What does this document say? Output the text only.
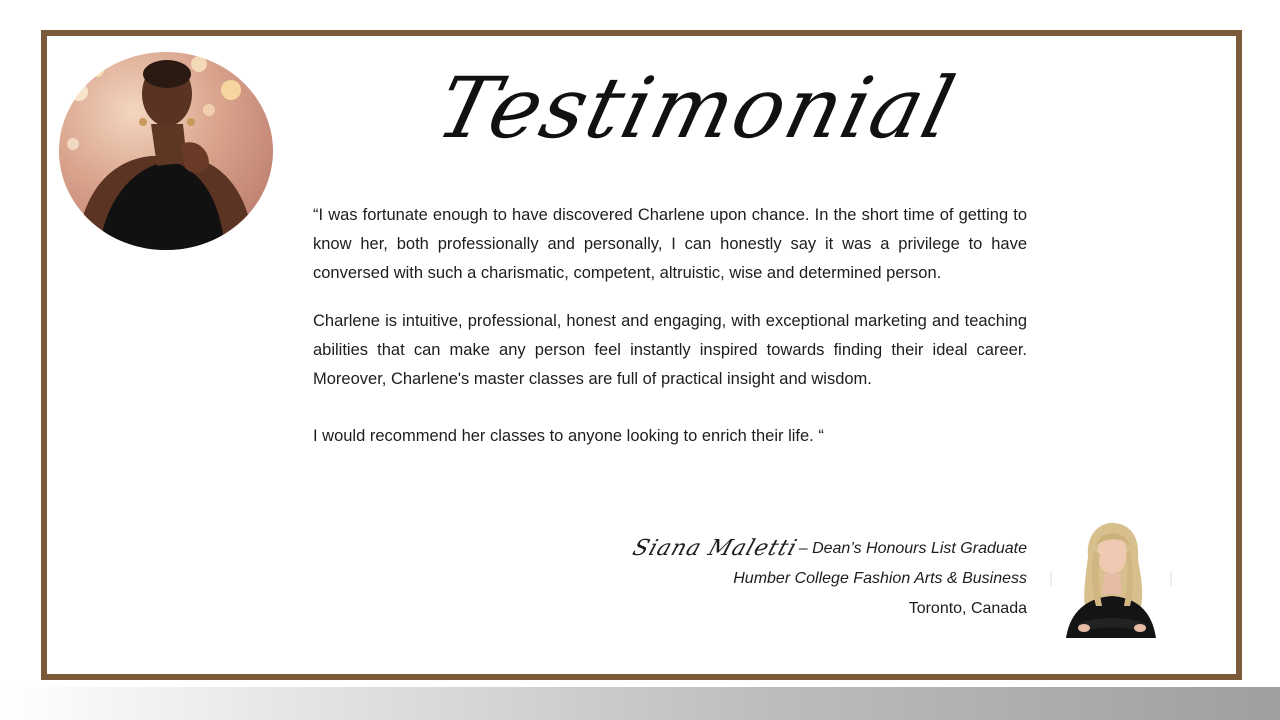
Testimonial

“I was fortunate enough to have discovered Charlene upon chance. In the short time of getting to know her, both professionally and personally, I can honestly say it was a privilege to have conversed with such a charismatic, competent, altruistic, wise and determined person.

Charlene is intuitive, professional, honest and engaging, with exceptional marketing and teaching abilities that can make any person feel instantly inspired towards finding their ideal career. Moreover, Charlene's master classes are full of practical insight and wisdom.

I would recommend her classes to anyone looking to enrich their life. “

Siana Maletti– Dean’s Honours List Graduate
Humber College Fashion Arts & Business
Toronto, Canada
